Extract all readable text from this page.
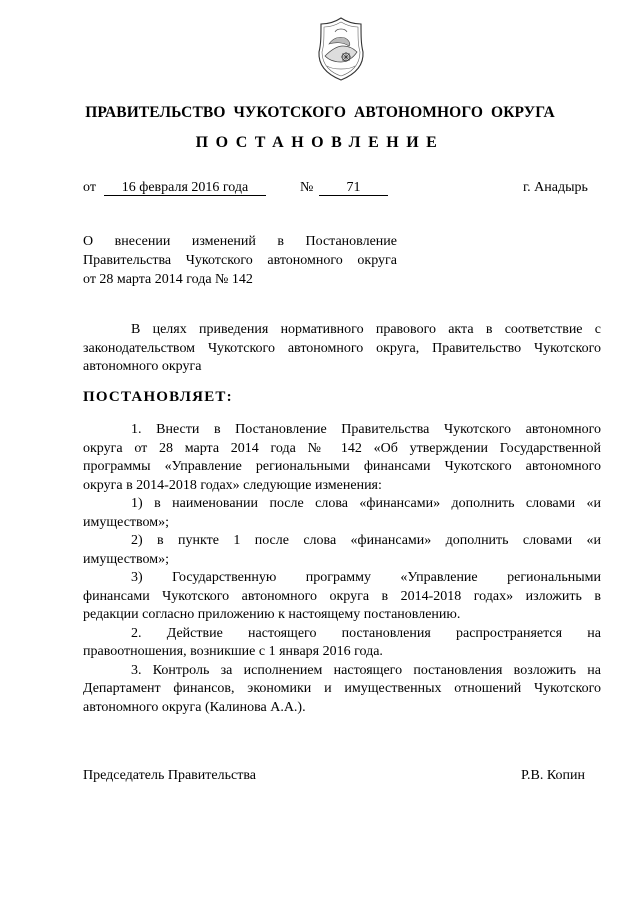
ПРАВИТЕЛЬСТВО ЧУКОТСКОГО АВТОНОМНОГО ОКРУГА
ПОСТАНОВЛЕНИЕ
от	16 февраля 2016 года	№	71	г. Анадырь
О внесении изменений в Постановление
Правительства Чукотского автономного округа
от 28 марта 2014 года № 142
В целях приведения нормативного правового акта в соответствие с
законодательством Чукотского автономного округа, Правительство Чукотского
автономного округа
ПОСТАНОВЛЯЕТ:
1. Внести в Постановление Правительства Чукотского автономного
округа от 28 марта 2014 года № 142 «Об утверждении Государственной
программы «Управление региональными финансами Чукотского автономного
округа в 2014-2018 годах» следующие изменения:
1) в наименовании после слова «финансами» дополнить словами «и
имуществом»;
2) в пункте 1 после слова «финансами» дополнить словами «и
имуществом»;
3) Государственную программу «Управление региональными
финансами Чукотского автономного округа в 2014-2018 годах» изложить в
редакции согласно приложению к настоящему постановлению.
2. Действие настоящего постановления распространяется на
правоотношения, возникшие с 1 января 2016 года.
3. Контроль за исполнением настоящего постановления возложить на
Департамент финансов, экономики и имущественных отношений Чукотского
автономного округа (Калинова А.А.).
Председатель Правительства	Р.В. Копин
